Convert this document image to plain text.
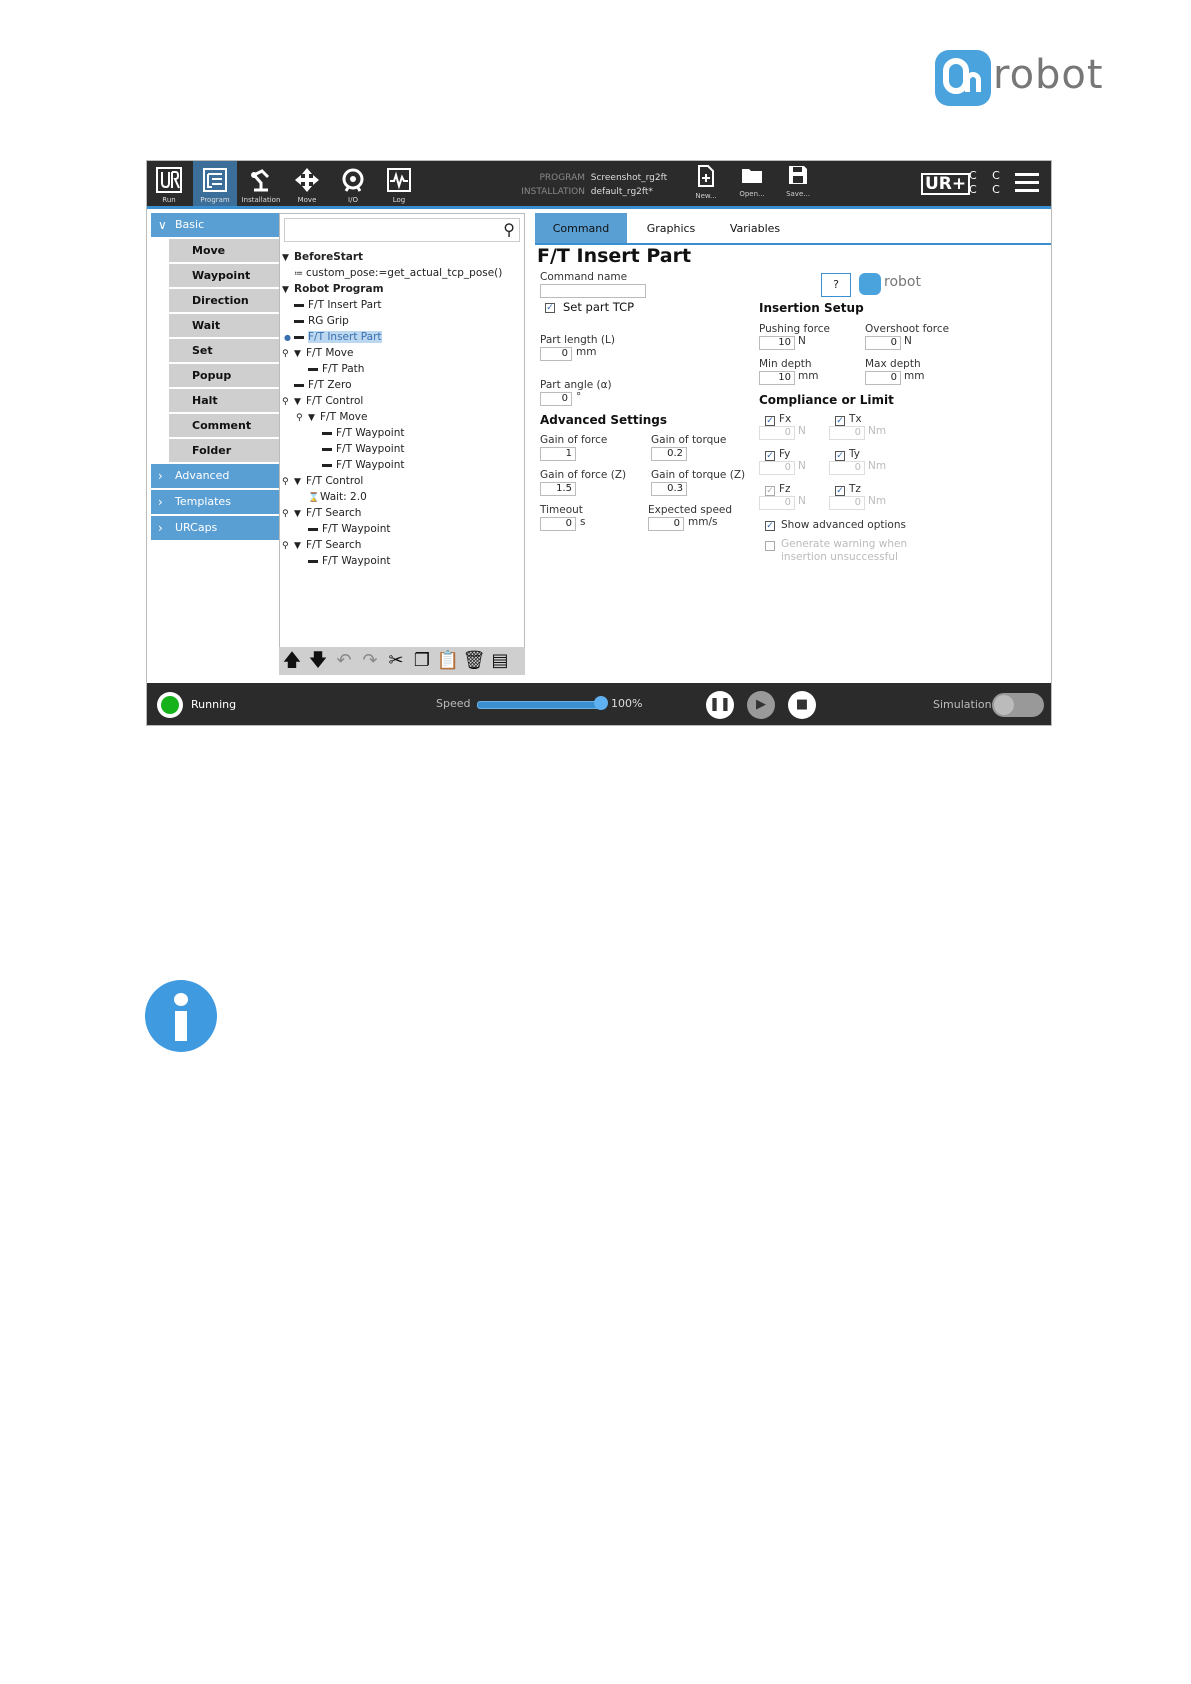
robot
Run	Program	Installation	Move	I/O	Log
PROGRAM Screenshot_rg2ft
INSTALLATION default_rg2ft*	New...	Open...	Save...	UR+ C C
C C
∨ Basic
Move
Waypoint
Direction
Wait
Set
Popup
Halt
Comment
Folder
› Advanced
› Templates
› URCaps
⚲
▼ BeforeStart
≔ custom_pose:=get_actual_tcp_pose()
▼ Robot Program
F/T Insert Part
RG Grip
● F/T Insert Part
⚲ ▼ F/T Move
F/T Path
F/T Zero
⚲ ▼ F/T Control
⚲ ▼ F/T Move
F/T Waypoint
F/T Waypoint
F/T Waypoint
⚲ ▼ F/T Control
⌛Wait: 2.0
⚲ ▼ F/T Search
F/T Waypoint
⚲ ▼ F/T Search
F/T Waypoint
🡅 🡇 ↶ ↷ ✂ ❐ 📋 🗑 ▤
Command	Graphics	Variables
F/T Insert Part
Command name
?	robot
✓ Set part TCP
Part length (L)
0 mm
Part angle (α)
0 °
Advanced Settings
Gain of force
1
Gain of torque
0.2
Gain of force (Z)
1.5
Gain of torque (Z)
0.3
Timeout
0 s
Expected speed
0 mm/s
Insertion Setup
Pushing force
10 N
Overshoot force
0 N
Min depth
10 mm
Max depth
0 mm
Compliance or Limit
✓ Fx
0 N
✓ Tx
0 Nm
✓ Fy
0 N
✓ Ty
0 Nm
✓ Fz
0 N
✓ Tz
0 Nm
✓ Show advanced options
Generate warning when
insertion unsuccessful
Running	Speed	100%	❚❚	▶	■	Simulation
